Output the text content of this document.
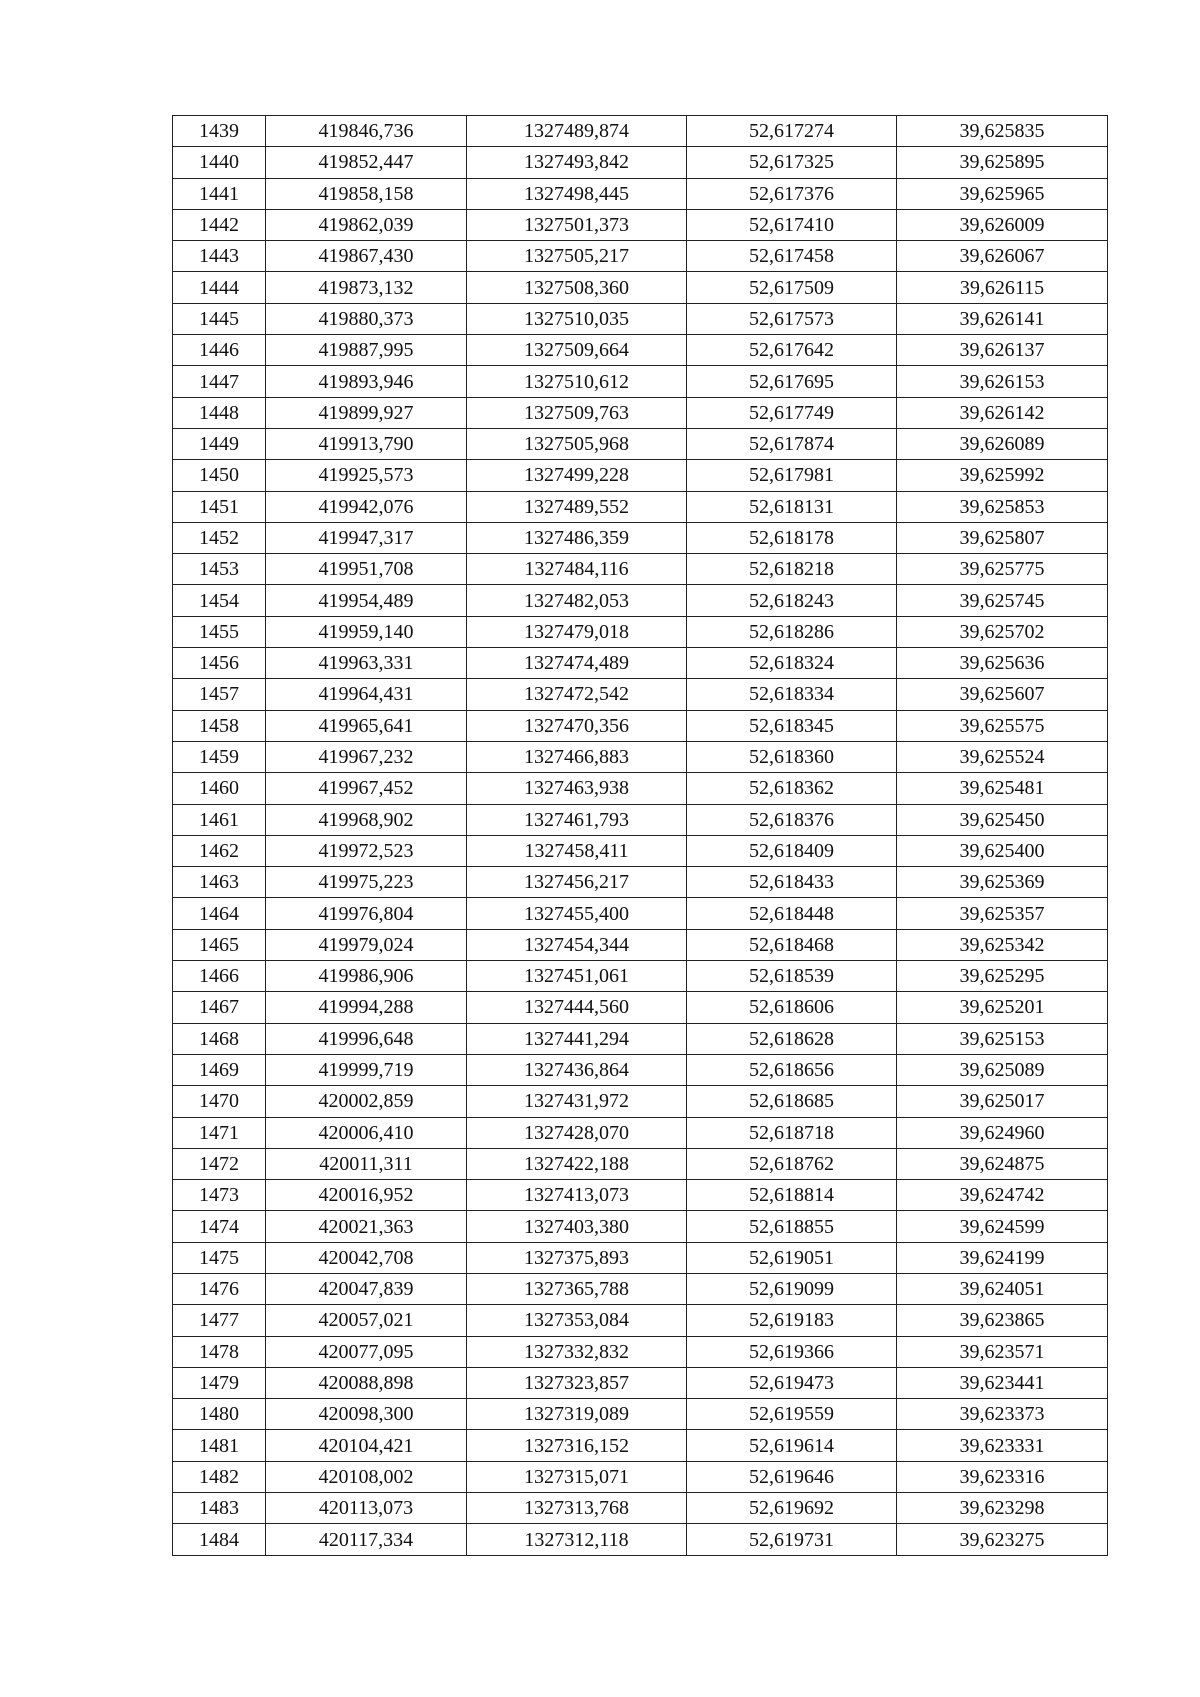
1439	419846,736	1327489,874	52,617274	39,625835
1440	419852,447	1327493,842	52,617325	39,625895
1441	419858,158	1327498,445	52,617376	39,625965
1442	419862,039	1327501,373	52,617410	39,626009
1443	419867,430	1327505,217	52,617458	39,626067
1444	419873,132	1327508,360	52,617509	39,626115
1445	419880,373	1327510,035	52,617573	39,626141
1446	419887,995	1327509,664	52,617642	39,626137
1447	419893,946	1327510,612	52,617695	39,626153
1448	419899,927	1327509,763	52,617749	39,626142
1449	419913,790	1327505,968	52,617874	39,626089
1450	419925,573	1327499,228	52,617981	39,625992
1451	419942,076	1327489,552	52,618131	39,625853
1452	419947,317	1327486,359	52,618178	39,625807
1453	419951,708	1327484,116	52,618218	39,625775
1454	419954,489	1327482,053	52,618243	39,625745
1455	419959,140	1327479,018	52,618286	39,625702
1456	419963,331	1327474,489	52,618324	39,625636
1457	419964,431	1327472,542	52,618334	39,625607
1458	419965,641	1327470,356	52,618345	39,625575
1459	419967,232	1327466,883	52,618360	39,625524
1460	419967,452	1327463,938	52,618362	39,625481
1461	419968,902	1327461,793	52,618376	39,625450
1462	419972,523	1327458,411	52,618409	39,625400
1463	419975,223	1327456,217	52,618433	39,625369
1464	419976,804	1327455,400	52,618448	39,625357
1465	419979,024	1327454,344	52,618468	39,625342
1466	419986,906	1327451,061	52,618539	39,625295
1467	419994,288	1327444,560	52,618606	39,625201
1468	419996,648	1327441,294	52,618628	39,625153
1469	419999,719	1327436,864	52,618656	39,625089
1470	420002,859	1327431,972	52,618685	39,625017
1471	420006,410	1327428,070	52,618718	39,624960
1472	420011,311	1327422,188	52,618762	39,624875
1473	420016,952	1327413,073	52,618814	39,624742
1474	420021,363	1327403,380	52,618855	39,624599
1475	420042,708	1327375,893	52,619051	39,624199
1476	420047,839	1327365,788	52,619099	39,624051
1477	420057,021	1327353,084	52,619183	39,623865
1478	420077,095	1327332,832	52,619366	39,623571
1479	420088,898	1327323,857	52,619473	39,623441
1480	420098,300	1327319,089	52,619559	39,623373
1481	420104,421	1327316,152	52,619614	39,623331
1482	420108,002	1327315,071	52,619646	39,623316
1483	420113,073	1327313,768	52,619692	39,623298
1484	420117,334	1327312,118	52,619731	39,623275
